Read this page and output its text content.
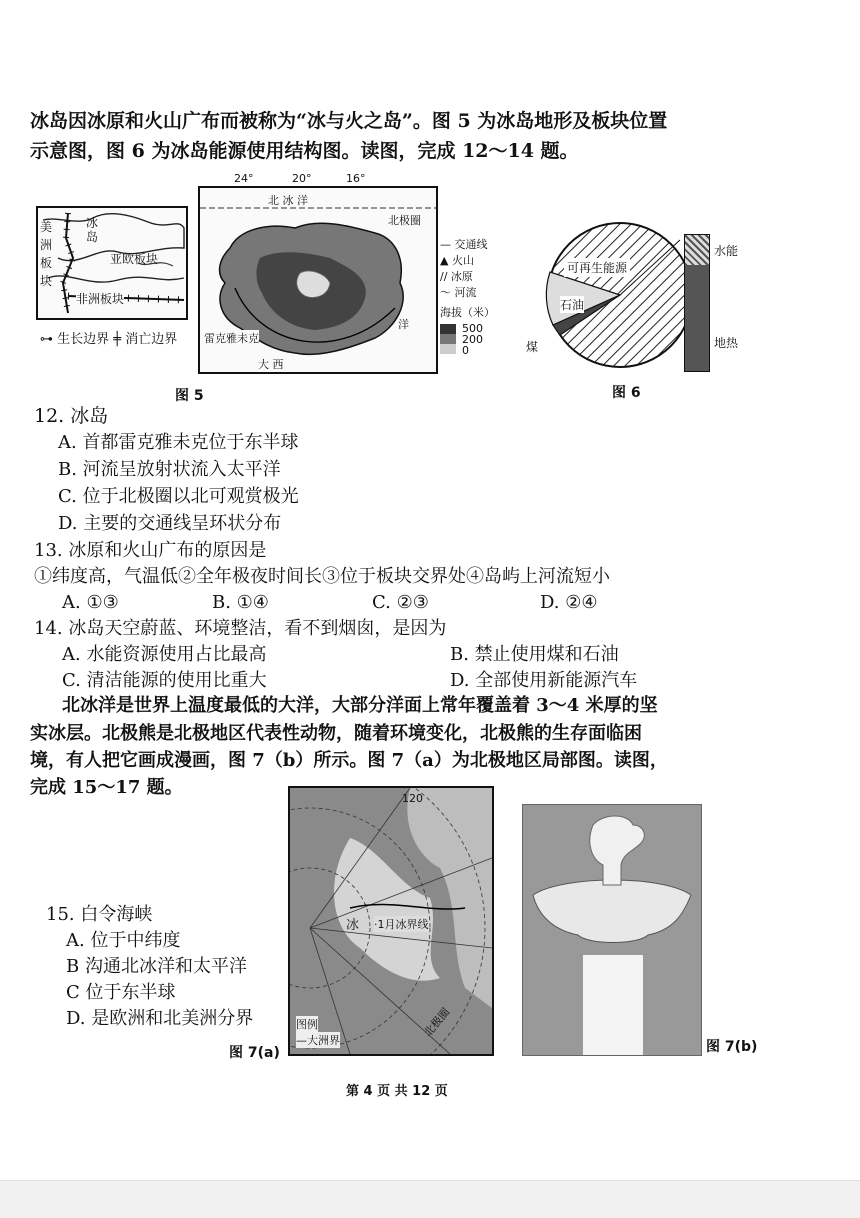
冰岛因冰原和火山广布而被称为“冰与火之岛”。图 5 为冰岛地形及板块位置
示意图，图 6 为冰岛能源使用结构图。读图，完成 12～14 题。
冰
岛
美
洲
板
块
亚欧板块
非洲板块
⊶ 生长边界 ╪ 消亡边界
24°	20°	16°
北 冰 洋
北极圈
雷克雅未克
大 西
洋
— 交通线
▲ 火山
∕∕ 冰原
～ 河流
海拔（米）
500
200
0
图 5
可再生能源
石油
煤
水能
地热
图 6
12. 冰岛
A. 首都雷克雅未克位于东半球
B. 河流呈放射状流入太平洋
C. 位于北极圈以北可观赏极光
D. 主要的交通线呈环状分布
13. 冰原和火山广布的原因是
①纬度高，气温低②全年极夜时间长③位于板块交界处④岛屿上河流短小
A. ①③	B. ①④	C. ②③	D. ②④
14. 冰岛天空蔚蓝、环境整洁，看不到烟囱，是因为
A. 水能资源使用占比最高	B. 禁止使用煤和石油
C. 清洁能源的使用比重大	D. 全部使用新能源汽车
北冰洋是世界上温度最低的大洋，大部分洋面上常年覆盖着 3～4 米厚的坚
实冰层。北极熊是北极地区代表性动物，随着环境变化，北极熊的生存面临困
境，有人把它画成漫画，图 7（b）所示。图 7（a）为北极地区局部图。读图，
完成 15～17 题。
15. 白令海峡
A. 位于中纬度
B 沟通北冰洋和太平洋
C 位于东半球
D. 是欧洲和北美洲分界
120
冰 ·1月冰界线
图例
—大洲界
北极圈
图 7(a)	图 7(b)
第 4 页 共 12 页
